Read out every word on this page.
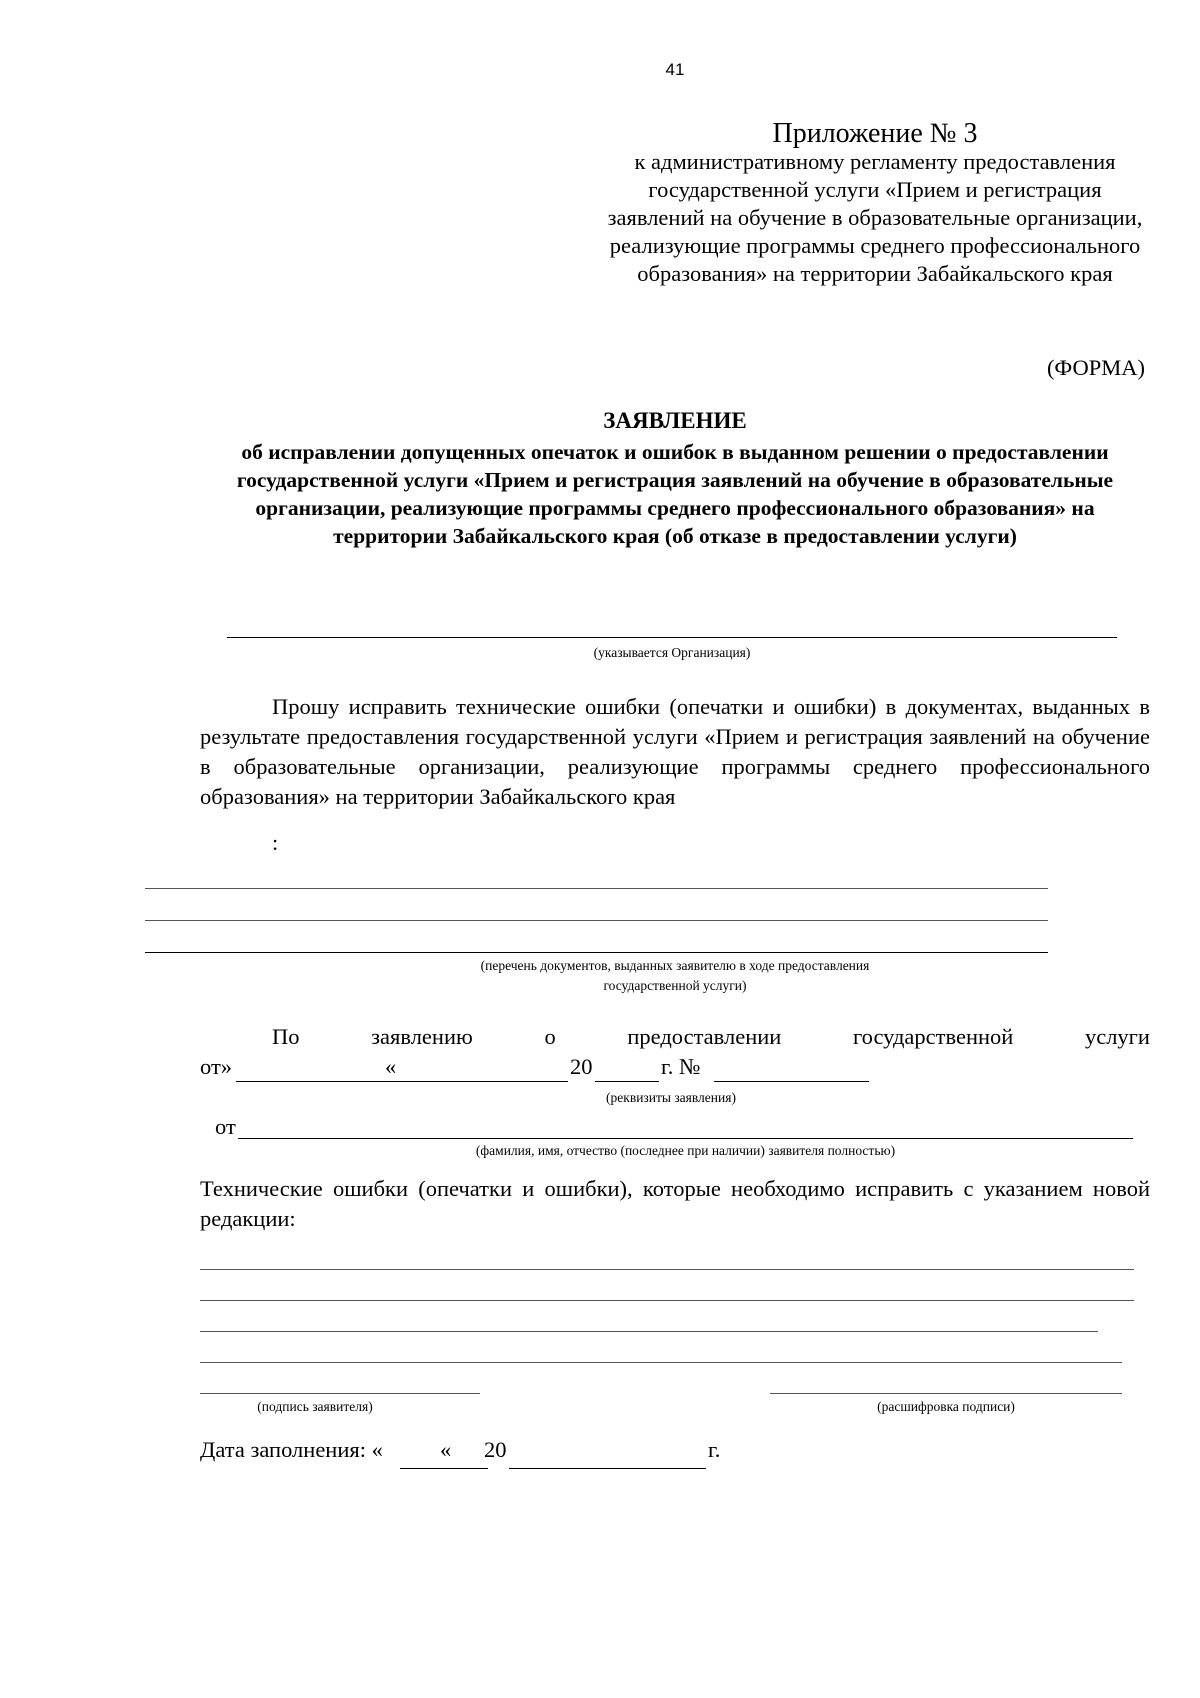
41
Приложение № 3
к административному регламенту предоставления государственной услуги «Прием и регистрация заявлений на обучение в образовательные организации, реализующие программы среднего профессионального образования» на территории Забайкальского края
(ФОРМА)
ЗАЯВЛЕНИЕ
об исправлении допущенных опечаток и ошибок в выданном решении о предоставлении государственной услуги «Прием и регистрация заявлений на обучение в образовательные организации, реализующие программы среднего профессионального образования» на территории Забайкальского края (об отказе в предоставлении услуги)
(указывается Организация)
Прошу исправить технические ошибки (опечатки и ошибки) в документах, выданных в результате предоставления государственной услуги «Прием и регистрация заявлений на обучение в образовательные организации, реализующие программы среднего профессионального образования» на территории Забайкальского края
:
(перечень документов, выданных заявителю в ходе предоставления
государственной услуги)
По	заявлению	о	предоставлении	государственной	услуги
от»	«	20	г. №
(реквизиты заявления)
от
(фамилия, имя, отчество (последнее при наличии) заявителя полностью)
Технические ошибки (опечатки и ошибки), которые необходимо исправить с указанием новой редакции:
(подпись заявителя)	(расшифровка подписи)
Дата заполнения: «	« 20	г.
